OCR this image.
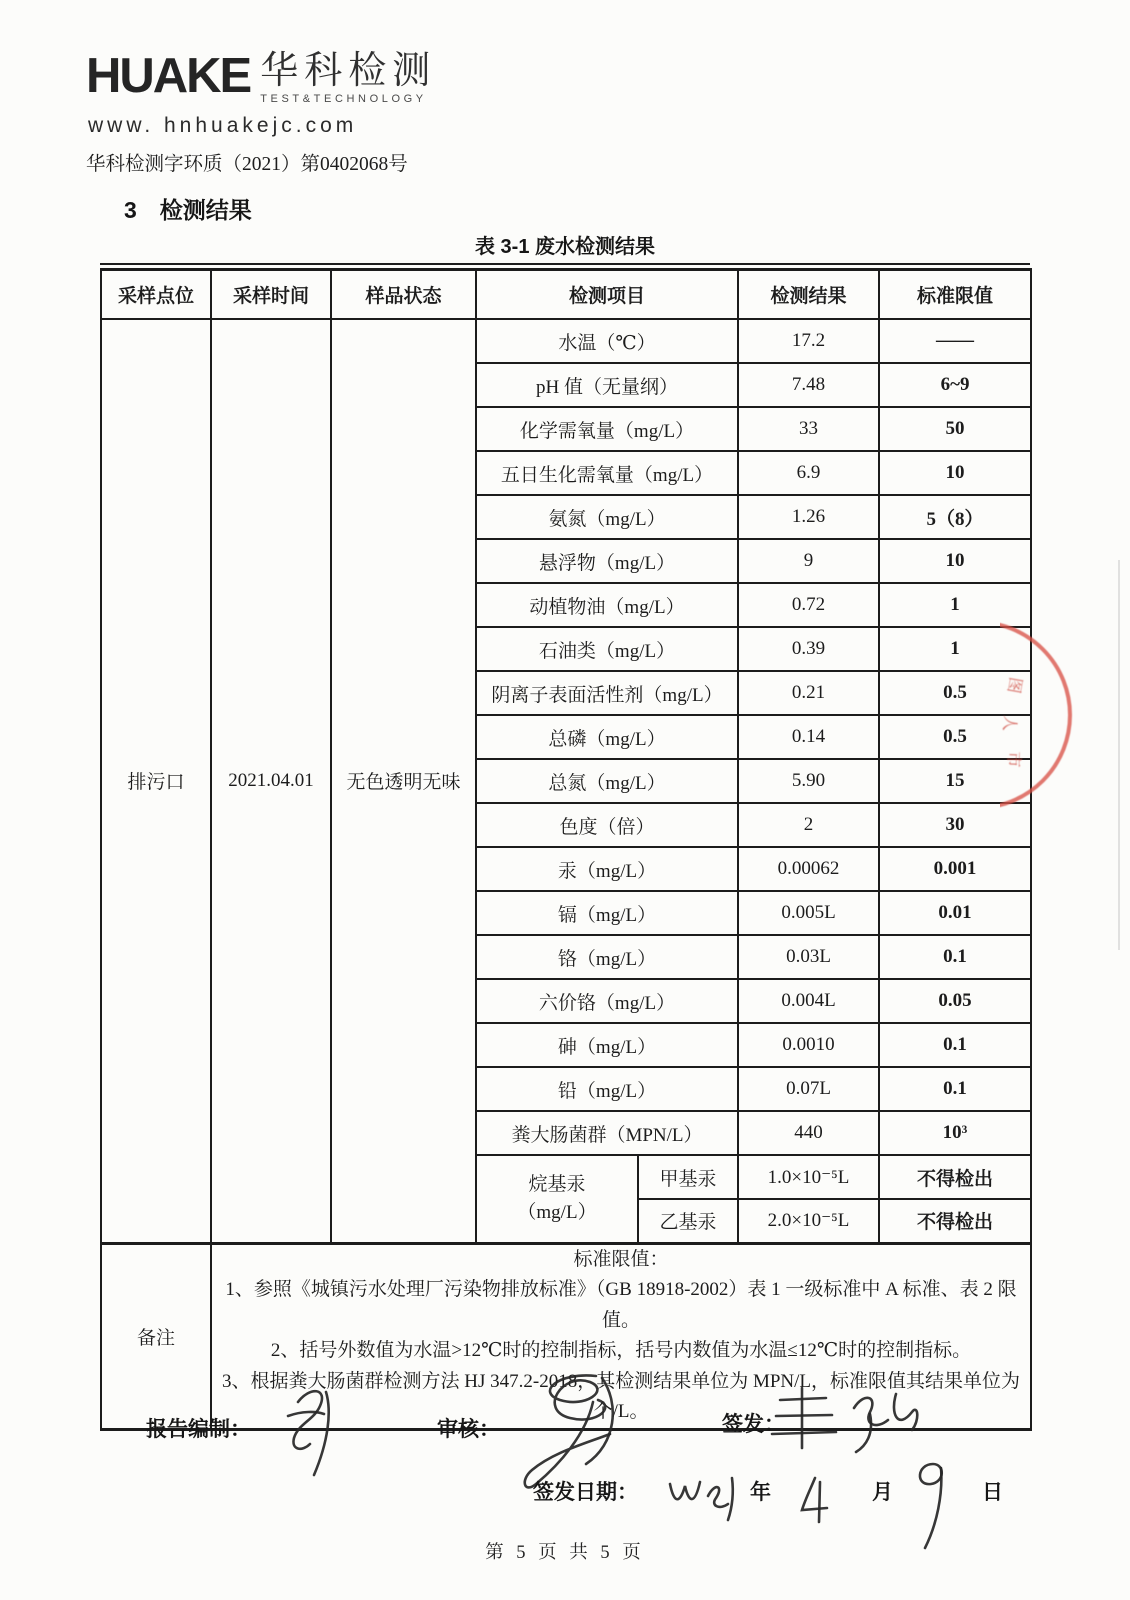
HUAKE 华科检测
TEST&TECHNOLOGY
www. hnhuakejc.com
华科检测字环质（2021）第0402068号
3　检测结果
表 3-1 废水检测结果
采样点位	采样时间	样品状态	检测项目		检测结果	标准限值
排污口	2021.04.01	无色透明无味	水温（℃）		17.2	——
			pH 值（无量纲）		7.48	6~9
			化学需氧量（mg/L）		33	50
			五日生化需氧量（mg/L）		6.9	10
			氨氮（mg/L）		1.26	5（8）
			悬浮物（mg/L）		9	10
			动植物油（mg/L）		0.72	1
			石油类（mg/L）		0.39	1
			阴离子表面活性剂（mg/L）		0.21	0.5
			总磷（mg/L）		0.14	0.5
			总氮（mg/L）		5.90	15
			色度（倍）		2	30
			汞（mg/L）		0.00062	0.001
			镉（mg/L）		0.005L	0.01
			铬（mg/L）		0.03L	0.1
			六价铬（mg/L）		0.004L	0.05
			砷（mg/L）		0.0010	0.1
			铅（mg/L）		0.07L	0.1
			粪大肠菌群（MPN/L）		440	10³

			烷基汞
（mg/L）	甲基汞	1.0×10⁻⁵L	不得检出
				乙基汞	2.0×10⁻⁵L	不得检出
备注	标准限值：
1、参照《城镇污水处理厂污染物排放标准》（GB 18918-2002）表 1 一级标准中 A 标准、表 2 限值。
2、括号外数值为水温>12℃时的控制指标，括号内数值为水温≤12℃时的控制指标。
3、根据粪大肠菌群检测方法 HJ 347.2-2018，其检测结果单位为 MPN/L，标准限值其结果单位为个/L。					
报告编制：	审核：	签发：
签发日期：	年	月	日
第 5 页 共 5 页
图
人
市
